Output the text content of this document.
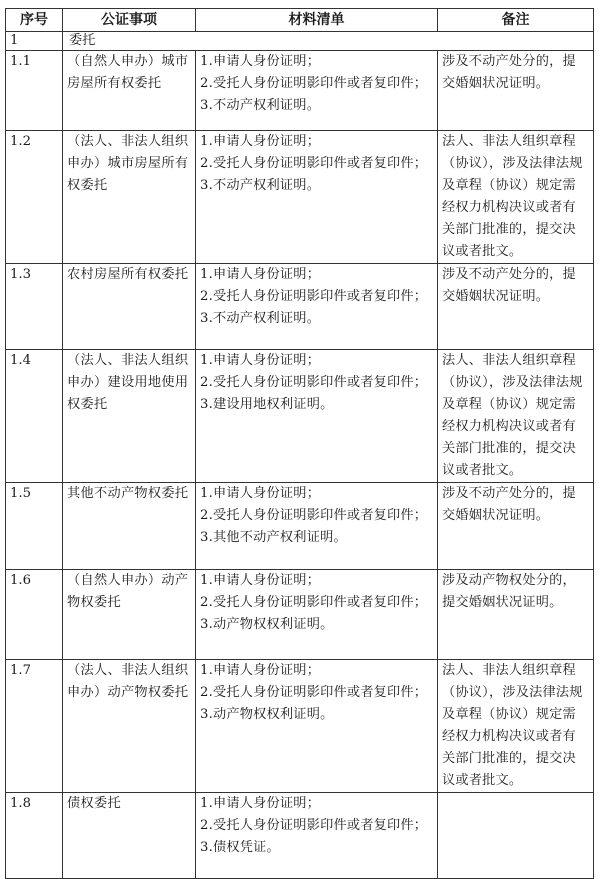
序号	公证事项	材料清单	备注
1	委托		
1.1	（自然人申办）城市房屋所有权委托	1.申请人身份证明；
2.受托人身份证明影印件或者复印件；
3.不动产权利证明。	涉及不动产处分的，提交婚姻状况证明。
1.2	（法人、非法人组织申办）城市房屋所有权委托	1.申请人身份证明；
2.受托人身份证明影印件或者复印件；
3.不动产权利证明。	法人、非法人组织章程（协议），涉及法律法规及章程（协议）规定需经权力机构决议或者有关部门批准的，提交决议或者批文。
1.3	农村房屋所有权委托	1.申请人身份证明；
2.受托人身份证明影印件或者复印件；
3.不动产权利证明。	涉及不动产处分的，提交婚姻状况证明。
1.4	（法人、非法人组织申办）建设用地使用权委托	1.申请人身份证明；
2.受托人身份证明影印件或者复印件；
3.建设用地权利证明。	法人、非法人组织章程（协议），涉及法律法规及章程（协议）规定需经权力机构决议或者有关部门批准的，提交决议或者批文。
1.5	其他不动产物权委托	1.申请人身份证明；
2.受托人身份证明影印件或者复印件；
3.其他不动产权利证明。	涉及不动产处分的，提交婚姻状况证明。
1.6	（自然人申办）动产物权委托	1.申请人身份证明；
2.受托人身份证明影印件或者复印件；
3.动产物权权利证明。	涉及动产物权处分的，提交婚姻状况证明。
1.7	（法人、非法人组织申办）动产物权委托	1.申请人身份证明；
2.受托人身份证明影印件或者复印件；
3.动产物权权利证明。	法人、非法人组织章程（协议），涉及法律法规及章程（协议）规定需经权力机构决议或者有关部门批准的，提交决议或者批文。
1.8	债权委托	1.申请人身份证明；
2.受托人身份证明影印件或者复印件；
3.债权凭证。	
